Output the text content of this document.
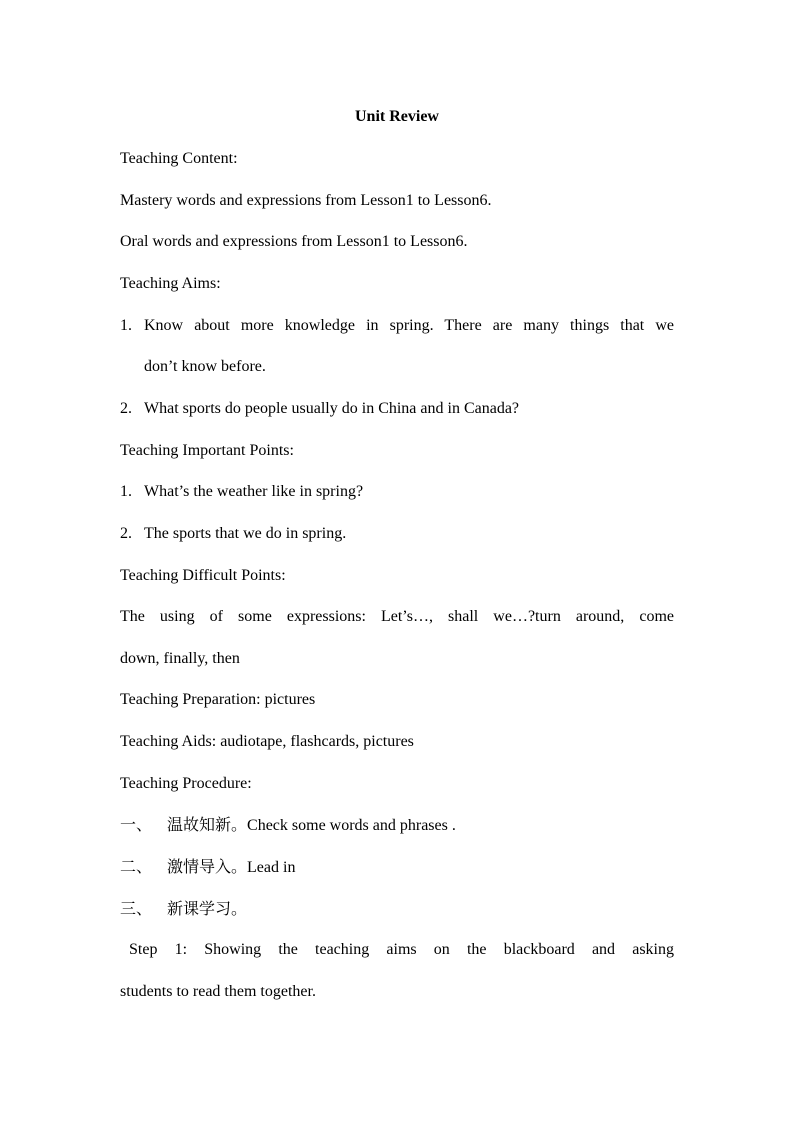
Unit Review
Teaching Content:
Mastery words and expressions from Lesson1 to Lesson6.
Oral words and expressions from Lesson1 to Lesson6.
Teaching Aims:
1. Know about more knowledge in spring. There are many things that we
don’t know before.
2. What sports do people usually do in China and in Canada?
Teaching Important Points:
1. What’s the weather like in spring?
2. The sports that we do in spring.
Teaching Difficult Points:
The using of some expressions: Let’s…, shall we…?turn around, come
down, finally, then
Teaching Preparation: pictures
Teaching Aids: audiotape, flashcards, pictures
Teaching Procedure:
一、 温故知新。Check some words and phrases .
二、 激情导入。Lead in
三、 新课学习。
Step 1: Showing the teaching aims on the blackboard and asking
students to read them together.
